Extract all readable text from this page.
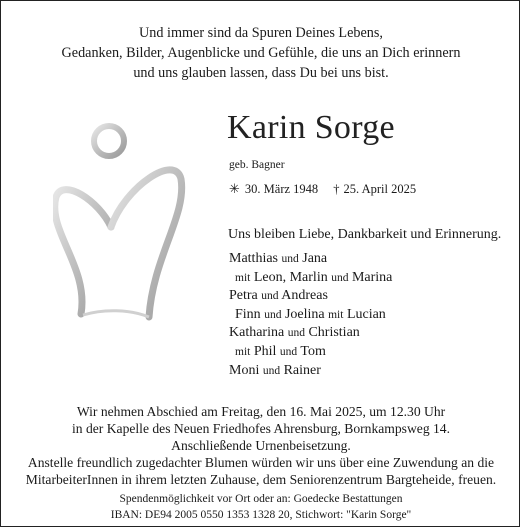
Und immer sind da Spuren Deines Lebens,
Gedanken, Bilder, Augenblicke und Gefühle, die uns an Dich erinnern
und uns glauben lassen, dass Du bei uns bist.
Karin Sorge
geb. Bagner
✳ 30. März 1948 † 25. April 2025
Uns bleiben Liebe, Dankbarkeit und Erinnerung.
Matthias und Jana
mit Leon, Marlin und Marina
Petra und Andreas
Finn und Joelina mit Lucian
Katharina und Christian
mit Phil und Tom
Moni und Rainer
Wir nehmen Abschied am Freitag, den 16. Mai 2025, um 12.30 Uhr
in der Kapelle des Neuen Friedhofes Ahrensburg, Bornkampsweg 14.
Anschließende Urnenbeisetzung.
Anstelle freundlich zugedachter Blumen würden wir uns über eine Zuwendung an die
MitarbeiterInnen in ihrem letzten Zuhause, dem Seniorenzentrum Bargteheide, freuen.
Spendenmöglichkeit vor Ort oder an: Goedecke Bestattungen
IBAN: DE94 2005 0550 1353 1328 20, Stichwort: "Karin Sorge"
